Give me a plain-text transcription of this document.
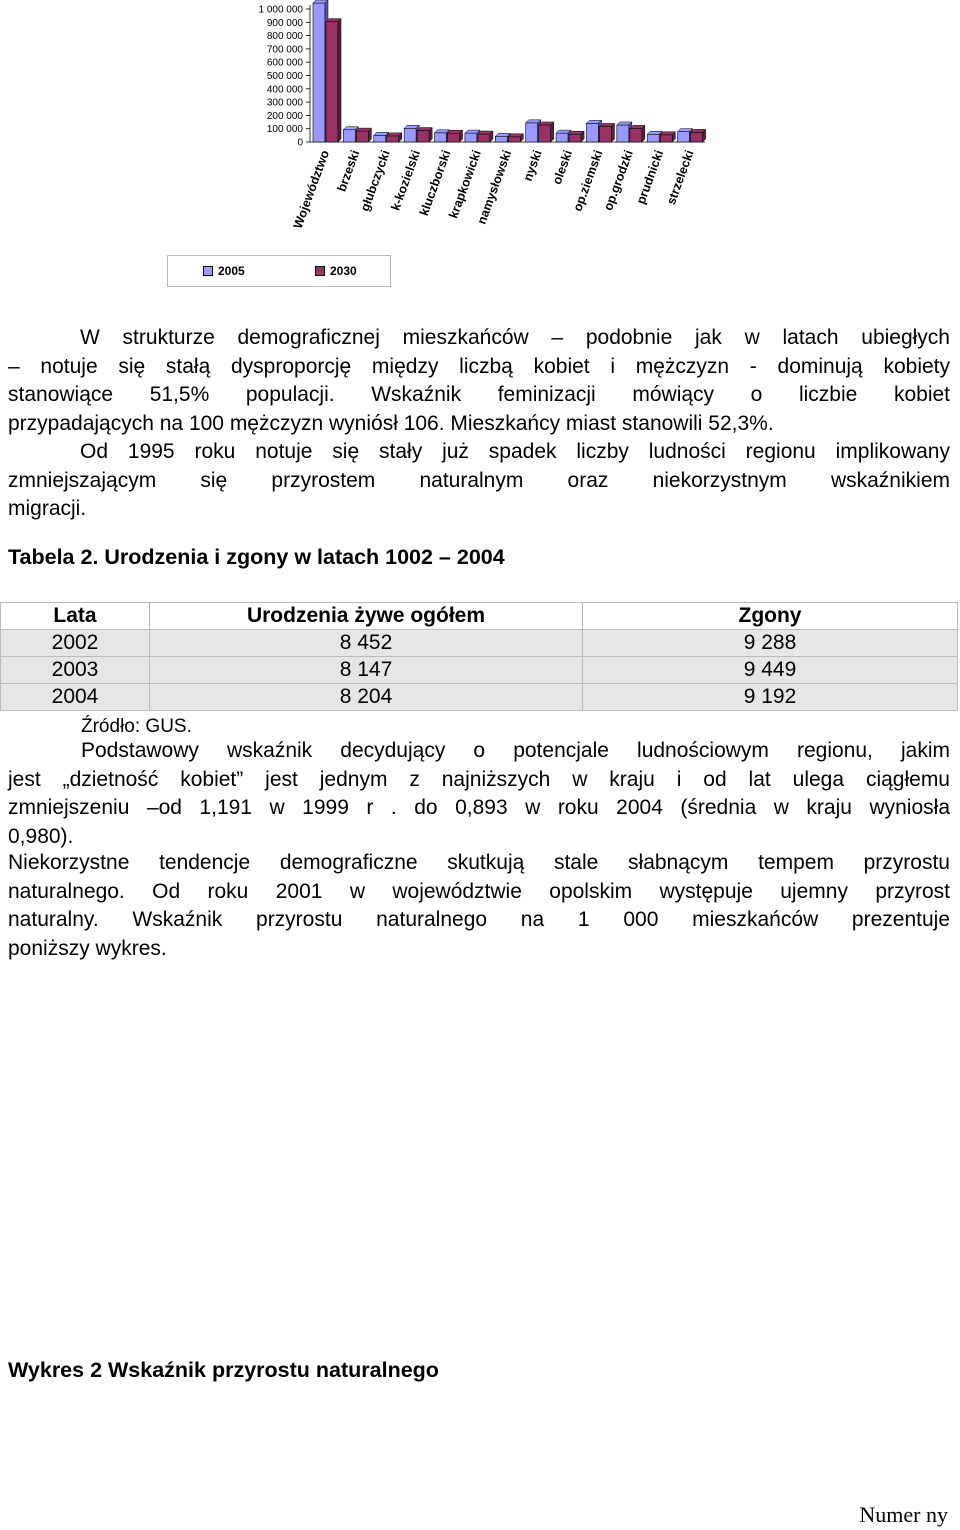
1 000 000
900 000
800 000
700 000
600 000
500 000
400 000
300 000
200 000
100 000
0
Województwo brzeski
głubczycki
k-kozielski
kluczborski
krapkowicki
namysłowski nyski oleski
op.ziemski
op.grodzki
prudnicki
strzelecki
2005	2030
W strukturze demograficznej mieszkańców – podobnie jak w latach ubiegłych
– notuje się stałą dysproporcję między liczbą kobiet i mężczyzn - dominują kobiety
stanowiące 51,5% populacji. Wskaźnik feminizacji mówiący o liczbie kobiet
przypadających na 100 mężczyzn wyniósł 106. Mieszkańcy miast stanowili 52,3%.
Od 1995 roku notuje się stały już spadek liczby ludności regionu implikowany
zmniejszającym się przyrostem naturalnym oraz niekorzystnym wskaźnikiem
migracji.
Tabela 2. Urodzenia i zgony w latach 1002 – 2004
Lata	Urodzenia żywe ogółem	Zgony
2002	8 452	9 288
2003	8 147	9 449
2004	8 204	9 192
Źródło: GUS.
Podstawowy wskaźnik decydujący o potencjale ludnościowym regionu, jakim
jest „dzietność kobiet” jest jednym z najniższych w kraju i od lat ulega ciągłemu
zmniejszeniu –od 1,191 w 1999 r . do 0,893 w roku 2004 (średnia w kraju wyniosła
0,980).
Niekorzystne tendencje demograficzne skutkują stale słabnącym tempem przyrostu
naturalnego. Od roku 2001 w województwie opolskim występuje ujemny przyrost
naturalny. Wskaźnik przyrostu naturalnego na 1 000 mieszkańców prezentuje
poniższy wykres.
Wykres 2 Wskaźnik przyrostu naturalnego
Numer ny
